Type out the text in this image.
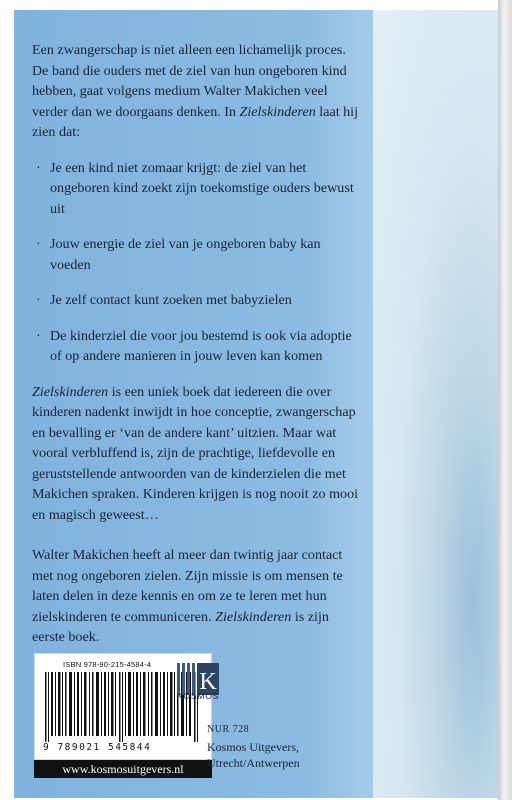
Een zwangerschap is niet alleen een lichamelijk proces. De band die ouders met de ziel van hun ongeboren kind hebben, gaat volgens medium Walter Makichen veel verder dan we doorgaans denken. In Zielskinderen laat hij zien dat:

· Je een kind niet zomaar krijgt: de ziel van het ongeboren kind zoekt zijn toekomstige ouders bewust uit

· Jouw energie de ziel van je ongeboren baby kan voeden

· Je zelf contact kunt zoeken met babyzielen

· De kinderziel die voor jou bestemd is ook via adoptie of op andere manieren in jouw leven kan komen

Zielskinderen is een uniek boek dat iedereen die over kinderen nadenkt inwijdt in hoe conceptie, zwangerschap en bevalling er ‘van de andere kant’ uitzien. Maar wat vooral verbluffend is, zijn de prachtige, liefdevolle en geruststellende antwoorden van de kinderzielen die met Makichen spraken. Kinderen krijgen is nog nooit zo mooi en magisch geweest…

Walter Makichen heeft al meer dan twintig jaar contact met nog ongeboren zielen. Zijn missie is om mensen te laten delen in deze kennis en om ze te leren met hun zielskinderen te communiceren. Zielskinderen is zijn eerste boek.

ISBN 978-90-215-4584-4
9 789021 545844
www.kosmosuitgevers.nl
K
KOSMOS
NUR 728
Kosmos Uitgevers,
Utrecht/Antwerpen
